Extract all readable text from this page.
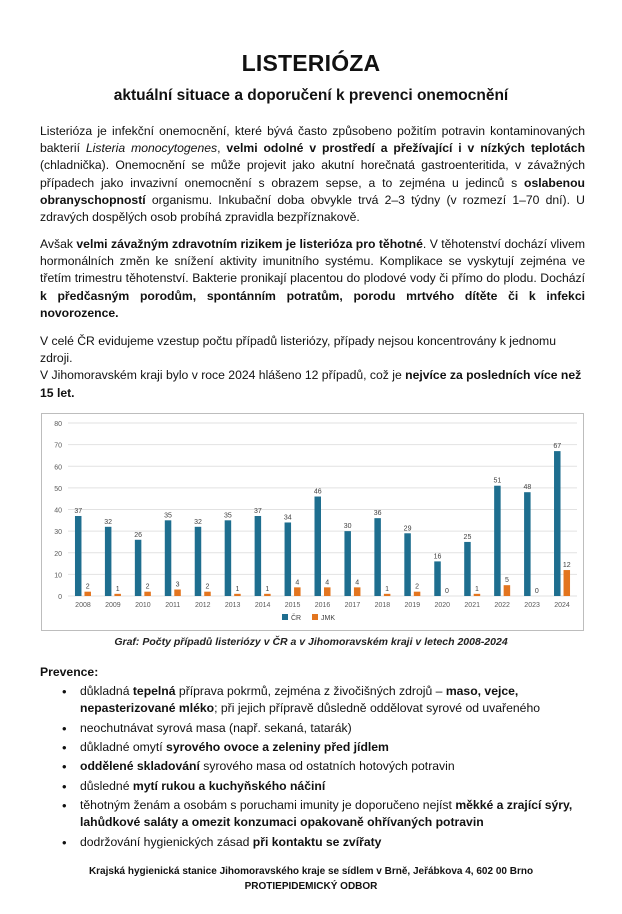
LISTERIÓZA
aktuální situace a doporučení k prevenci onemocnění
Listerióza je infekční onemocnění, které bývá často způsobeno požitím potravin kontaminovaných bakterií Listeria monocytogenes, velmi odolné v prostředí a přežívající i v nízkých teplotách (chladnička). Onemocnění se může projevit jako akutní horečnatá gastroenteritida, v závažných případech jako invazivní onemocnění s obrazem sepse, a to zejména u jedinců s oslabenou obranyschopností organismu. Inkubační doba obvykle trvá 2–3 týdny (v rozmezí 1–70 dní). U zdravých dospělých osob probíhá zpravidla bezpříznakově.
Avšak velmi závažným zdravotním rizikem je listerióza pro těhotné. V těhotenství dochází vlivem hormonálních změn ke snížení aktivity imunitního systému. Komplikace se vyskytují zejména ve třetím trimestru těhotenství. Bakterie pronikají placentou do plodové vody či přímo do plodu. Dochází k předčasným porodům, spontánním potratům, porodu mrtvého dítěte či k infekci novorozence.
V celé ČR evidujeme vzestup počtu případů listeriózy, případy nejsou koncentrovány k jednomu zdroji.
V Jihomoravském kraji bylo v roce 2024 hlášeno 12 případů, což je nejvíce za posledních více než 15 let.
0
10
20
30
40
50
60
70
80
37
2
2008
32
1
2009
26
2
2010
35
3
2011
32
2
2012
35
1
2013
37
1
2014
34
4
2015
46
4
2016
30
4
2017
36
1
2018
29
2
2019
16
0
2020
25
1
2021
51
5
2022
48
0
2023
67
12
2024
ČR	JMK
Graf: Počty případů listeriózy v ČR a v Jihomoravském kraji v letech 2008-2024
Prevence:
• důkladná tepelná příprava pokrmů, zejména z živočišných zdrojů – maso, vejce, nepasterizované mléko; při jejich přípravě důsledně oddělovat syrové od uvařeného
• neochutnávat syrová masa (např. sekaná, tatarák)
• důkladné omytí syrového ovoce a zeleniny před jídlem
• oddělené skladování syrového masa od ostatních hotových potravin
• důsledné mytí rukou a kuchyňského náčiní
• těhotným ženám a osobám s poruchami imunity je doporučeno nejíst měkké a zrající sýry, lahůdkové saláty a omezit konzumaci opakovaně ohřívaných potravin
• dodržování hygienických zásad při kontaktu se zvířaty
Krajská hygienická stanice Jihomoravského kraje se sídlem v Brně, Jeřábkova 4, 602 00 Brno
PROTIEPIDEMICKÝ ODBOR
